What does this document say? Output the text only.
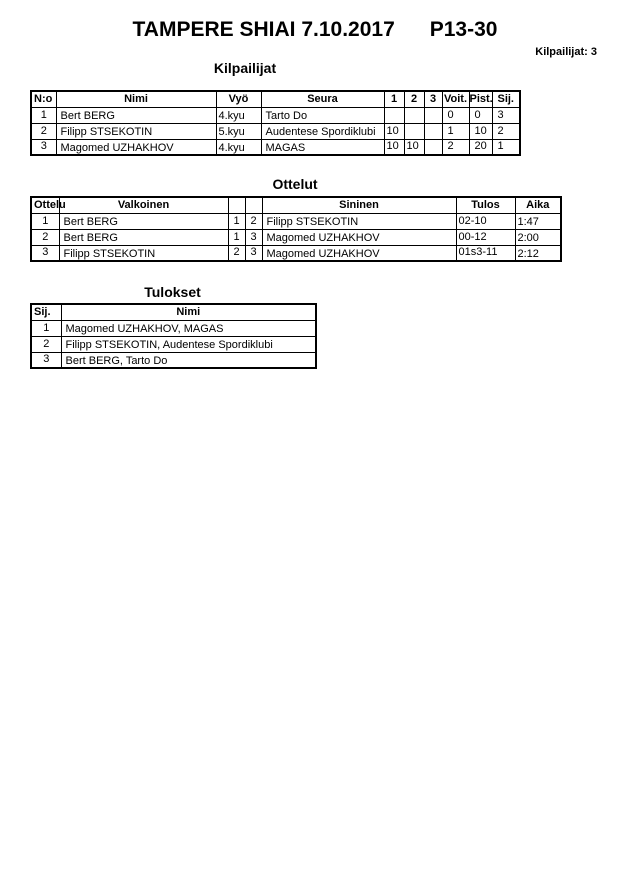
TAMPERE SHIAI 7.10.2017      P13-30
Kilpailijat: 3
Kilpailijat
N:o	Nimi	Vyö	Seura	1	2	3	Voit.	Pist.	Sij.
1	Bert BERG	4.kyu	Tarto Do				0	0	3
2	Filipp STSEKOTIN	5.kyu	Audentese Spordiklubi	10			1	10	2
3	Magomed UZHAKHOV	4.kyu	MAGAS	10	10		2	20	1
Ottelut
Ottelu	Valkoinen			Sininen	Tulos	Aika
1	Bert BERG	1	2	Filipp STSEKOTIN	02-10	1:47
2	Bert BERG	1	3	Magomed UZHAKHOV	00-12	2:00
3	Filipp STSEKOTIN	2	3	Magomed UZHAKHOV	01s3-11	2:12
Tulokset
Sij.	Nimi
1	Magomed UZHAKHOV, MAGAS
2	Filipp STSEKOTIN, Audentese Spordiklubi
3	Bert BERG, Tarto Do
